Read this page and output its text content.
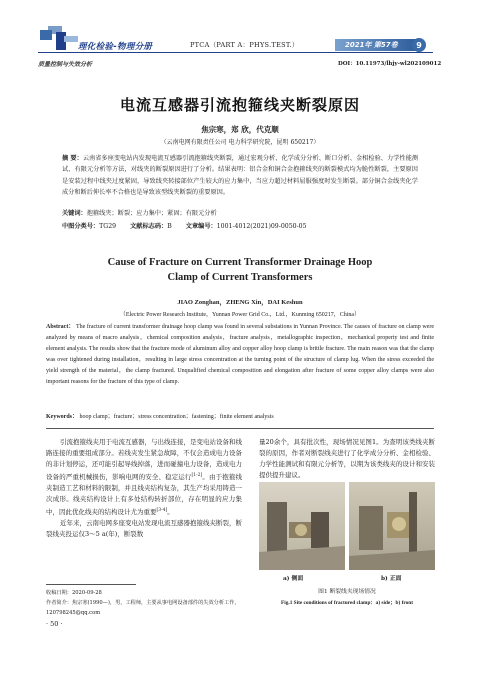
理化检验-物理分册	PTCA（PART A：PHYS.TEST.）	2021年 第57卷	9
质量控制与失效分析	DOI：10.11973/lhjy-wl202109012
电流互感器引流抱箍线夹断裂原因
焦宗寒，郑 欣，代克顺
（云南电网有限责任公司 电力科学研究院，昆明 650217）
摘 要：云南省多座变电站内发现电流互感器引流抱箍线夹断裂，通过宏观分析、化学成分分析、断口分析、金相检验、力学性能测试、有限元分析等方法，对线夹的断裂原因进行了分析。结果表明：铝合金和铜合金抱箍线夹的断裂模式均为脆性断裂，主要原因是安装过程中线夹过度紧固，导致线夹转接部位产生较大的应力集中，当应力超过材料屈服强度时发生断裂。部分铜合金线夹化学成分和断后伸长率不合格也是导致该型线夹断裂的重要原因。
关键词：抱箍线夹；断裂；应力集中；紧固；有限元分析
中图分类号：TG29 文献标志码：B 文章编号：1001-4012(2021)09-0050-05
Cause of Fracture on Current Transformer Drainage Hoop
Clamp of Current Transformers
JIAO Zonghan，ZHENG Xin，DAI Keshun
（Electric Power Research Institute，Yunnan Power Grid Co.，Ltd.，Kunming 650217，China）
Abstract： The fracture of current transformer drainage hoop clamp was found in several substations in Yunnan Province. The causes of fracture on clamp were analyzed by means of macro analysis，chemical composition analysis，fracture analysis，metallographic inspection，mechanical property test and finite element analysis. The results show that the fracture mode of aluminum alloy and copper alloy hoop clamp is brittle fracture. The main reason was that the clamp was over tightened during installation，resulting in large stress concentration at the turning point of the structure of clamp lug. When the stress exceeded the yield strength of the material，the clamp fractured. Unqualified chemical composition and elongation after fracture of some copper alloy clamps were also important reasons for the fracture of this type of clamp.
Keywords： hoop clamp；fracture；stress concentration；fastening；finite element analysis

引流抱箍线夹用于电流互感器，与出线连接，是变电站设备和线路连接的重要组成部分。若线夹发生紧急故障，不仅会造成电力设备的非计划停运，还可能引起导线掉落，进而碰撞电力设备，造成电力设备的严重机械损伤，影响电网的安全、稳定运行[1-2]。由于抱箍线夹制造工艺和材料的限制，并且线夹结构复杂，其生产均采用铸造一次成形。线夹结构设计上有多处结构转折部位，存在明显的应力集中，因此优化线夹的结构设计尤为重要[3-4]。

近年来，云南电网多座变电站发现电流互感器抱箍线夹断裂，断裂线夹投运仅3～5 a(年)，断裂数

量20余个，具有批次性，现场情况见图1。为查明该类线夹断裂的原因，作者对断裂线夹进行了化学成分分析、金相检验、力学性能测试和有限元分析等，以期为该类线夹的设计和安装提供提升建议。
收稿日期：2020-09-28
作者简介：焦宗寒(1990—)，男，工程师，主要从事电网设备部件的失效分析工作，120798245@qq.com
· 50 ·
a) 侧面	b) 正面
图1 断裂线夹现场情况
Fig.1 Site conditions of fractured clamp：a) side；b) front
